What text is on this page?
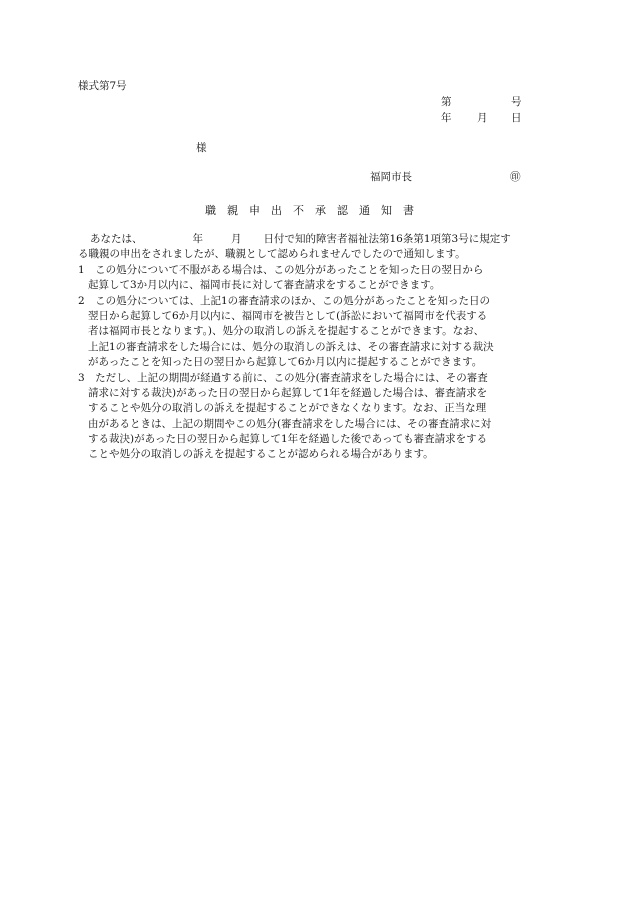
様式第7号
第	号
年 月 日
様
福岡市長	㊞
職親申出不承認通知書
あなたは、	年	月 日付で知的障害者福祉法第16条第1項第3号に規定す
る職親の申出をされましたが、職親として認められませんでしたので通知します。
1　この処分について不服がある場合は、この処分があったことを知った日の翌日から
起算して3か月以内に、福岡市長に対して審査請求をすることができます。
2　この処分については、上記1の審査請求のほか、この処分があったことを知った日の
翌日から起算して6か月以内に、福岡市を被告として(訴訟において福岡市を代表する
者は福岡市長となります。)、処分の取消しの訴えを提起することができます。なお、
上記1の審査請求をした場合には、処分の取消しの訴えは、その審査請求に対する裁決
があったことを知った日の翌日から起算して6か月以内に提起することができます。
3　ただし、上記の期間が経過する前に、この処分(審査請求をした場合には、その審査
請求に対する裁決)があった日の翌日から起算して1年を経過した場合は、審査請求を
することや処分の取消しの訴えを提起することができなくなります。なお、正当な理
由があるときは、上記の期間やこの処分(審査請求をした場合には、その審査請求に対
する裁決)があった日の翌日から起算して1年を経過した後であっても審査請求をする
ことや処分の取消しの訴えを提起することが認められる場合があります。
